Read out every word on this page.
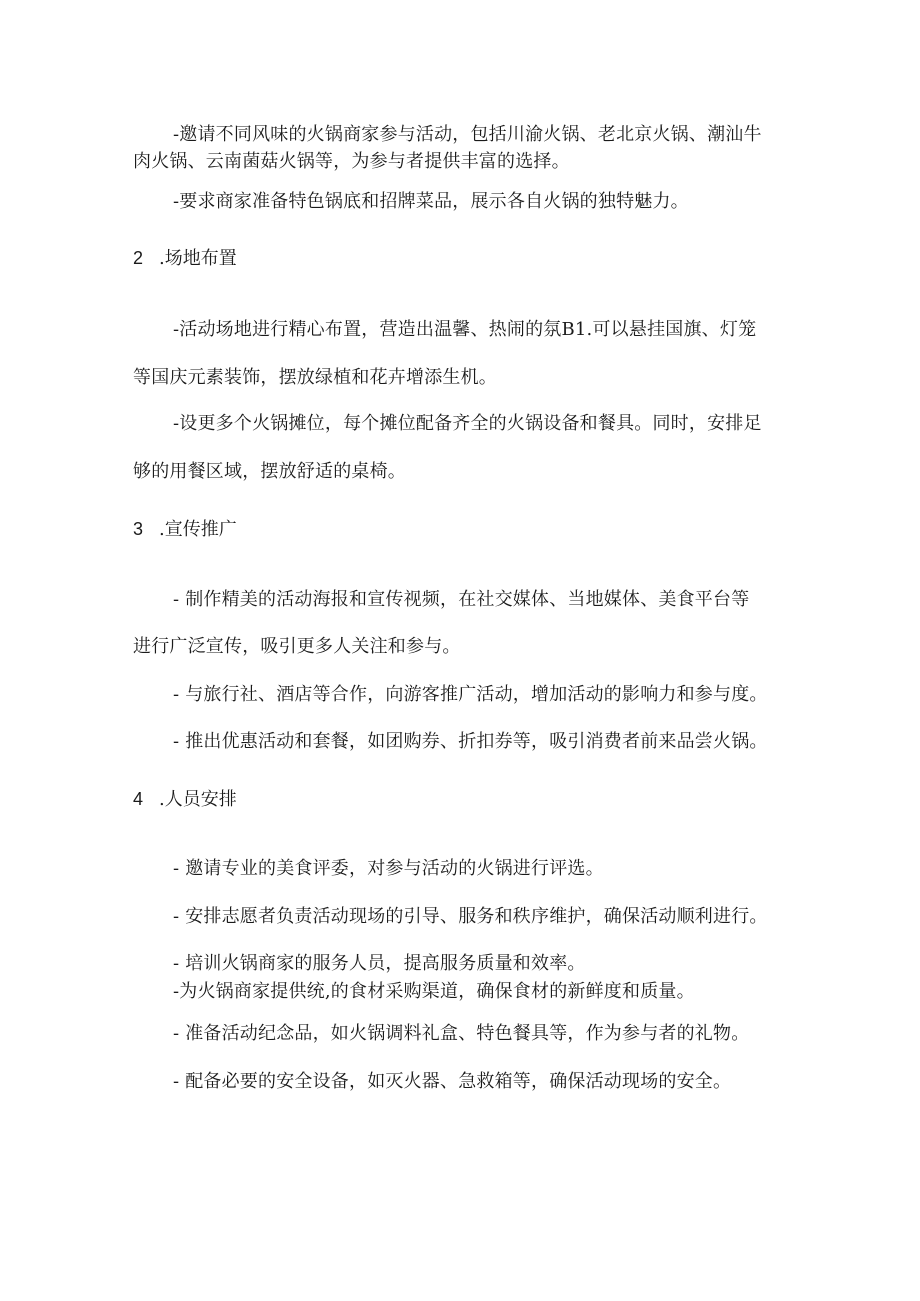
-邀请不同风味的火锅商家参与活动，包括川渝火锅、老北京火锅、潮汕牛
肉火锅、云南菌菇火锅等，为参与者提供丰富的选择。
-要求商家准备特色锅底和招牌菜品，展示各自火锅的独特魅力。
2 .场地布置
-活动场地进行精心布置，营造出温馨、热闹的氛B1.可以悬挂国旗、灯笼
等国庆元素装饰，摆放绿植和花卉增添生机。
-设更多个火锅摊位，每个摊位配备齐全的火锅设备和餐具。同时，安排足
够的用餐区域，摆放舒适的桌椅。
3 .宣传推广
- 制作精美的活动海报和宣传视频，在社交媒体、当地媒体、美食平台等
进行广泛宣传，吸引更多人关注和参与。
- 与旅行社、酒店等合作，向游客推广活动，增加活动的影响力和参与度。
- 推出优惠活动和套餐，如团购券、折扣券等，吸引消费者前来品尝火锅。
4 .人员安排
- 邀请专业的美食评委，对参与活动的火锅进行评选。
- 安排志愿者负责活动现场的引导、服务和秩序维护，确保活动顺利进行。
- 培训火锅商家的服务人员，提高服务质量和效率。
-为火锅商家提供统,的食材采购渠道，确保食材的新鲜度和质量。
- 准备活动纪念品，如火锅调料礼盒、特色餐具等，作为参与者的礼物。
- 配备必要的安全设备，如灭火器、急救箱等，确保活动现场的安全。
